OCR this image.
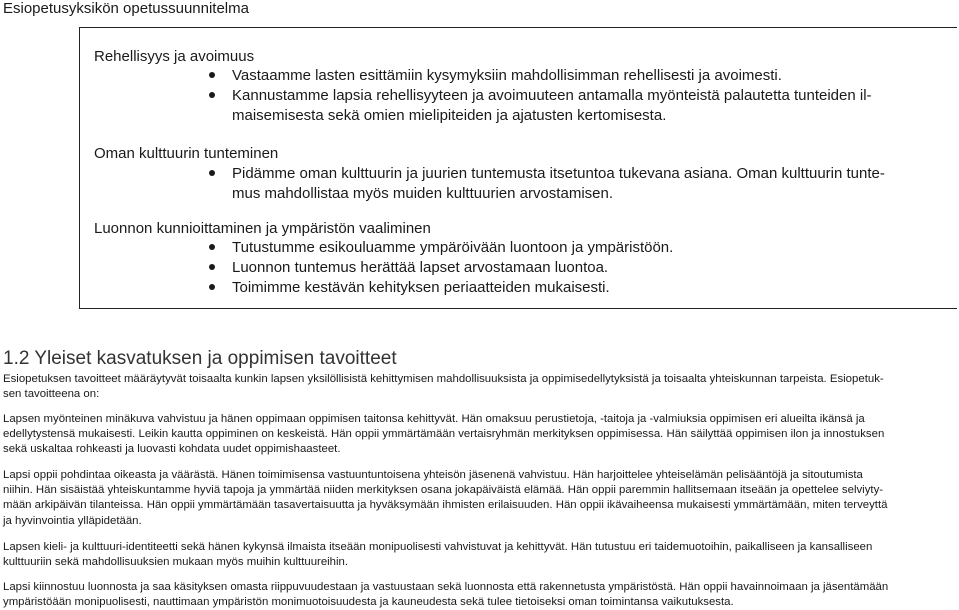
Esiopetusyksikön opetussuunnitelma
Rehellisyys ja avoimuus
Vastaamme lasten esittämiin kysymyksiin mahdollisimman rehellisesti ja avoimesti.
Kannustamme lapsia rehellisyyteen ja avoimuuteen antamalla myönteistä palautetta tunteiden il-
maisemisesta sekä omien mielipiteiden ja ajatusten kertomisesta.
Oman kulttuurin tunteminen
Pidämme oman kulttuurin ja juurien tuntemusta itsetuntoa tukevana asiana. Oman kulttuurin tunte-
mus mahdollistaa myös muiden kulttuurien arvostamisen.
Luonnon kunnioittaminen ja ympäristön vaaliminen
Tutustumme esikouluamme ympäröivään luontoon ja ympäristöön.
Luonnon tuntemus herättää lapset arvostamaan luontoa.
Toimimme kestävän kehityksen periaatteiden mukaisesti.
1.2 Yleiset kasvatuksen ja oppimisen tavoitteet

Esiopetuksen tavoitteet määräytyvät toisaalta kunkin lapsen yksilöllisistä kehittymisen mahdollisuuksista ja oppimisedellytyksistä ja toisaalta yhteiskunnan tarpeista. Esiopetuk-
sen tavoitteena on:

Lapsen myönteinen minäkuva vahvistuu ja hänen oppimaan oppimisen taitonsa kehittyvät. Hän omaksuu perustietoja, -taitoja ja -valmiuksia oppimisen eri alueilta ikänsä ja
edellytystensä mukaisesti. Leikin kautta oppiminen on keskeistä. Hän oppii ymmärtämään vertaisryhmän merkityksen oppimisessa. Hän säilyttää oppimisen ilon ja innostuksen
sekä uskaltaa rohkeasti ja luovasti kohdata uudet oppimishaasteet.

Lapsi oppii pohdintaa oikeasta ja väärästä. Hänen toimimisensa vastuuntuntoisena yhteisön jäsenenä vahvistuu. Hän harjoittelee yhteiselämän pelisääntöjä ja sitoutumista
niihin. Hän sisäistää yhteiskuntamme hyviä tapoja ja ymmärtää niiden merkityksen osana jokapäiväistä elämää. Hän oppii paremmin hallitsemaan itseään ja opettelee selviyty-
mään arkipäivän tilanteissa. Hän oppii ymmärtämään tasavertaisuutta ja hyväksymään ihmisten erilaisuuden. Hän oppii ikävaiheensa mukaisesti ymmärtämään, miten terveyttä
ja hyvinvointia ylläpidetään.

Lapsen kieli- ja kulttuuri-identiteetti sekä hänen kykynsä ilmaista itseään monipuolisesti vahvistuvat ja kehittyvät. Hän tutustuu eri taidemuotoihin, paikalliseen ja kansalliseen
kulttuuriin sekä mahdollisuuksien mukaan myös muihin kulttuureihin.

Lapsi kiinnostuu luonnosta ja saa käsityksen omasta riippuvuudestaan ja vastuustaan sekä luonnosta että rakennetusta ympäristöstä. Hän oppii havainnoimaan ja jäsentämään
ympäristöään monipuolisesti, nauttimaan ympäristön monimuotoisuudesta ja kauneudesta sekä tulee tietoiseksi oman toimintansa vaikutuksesta.
